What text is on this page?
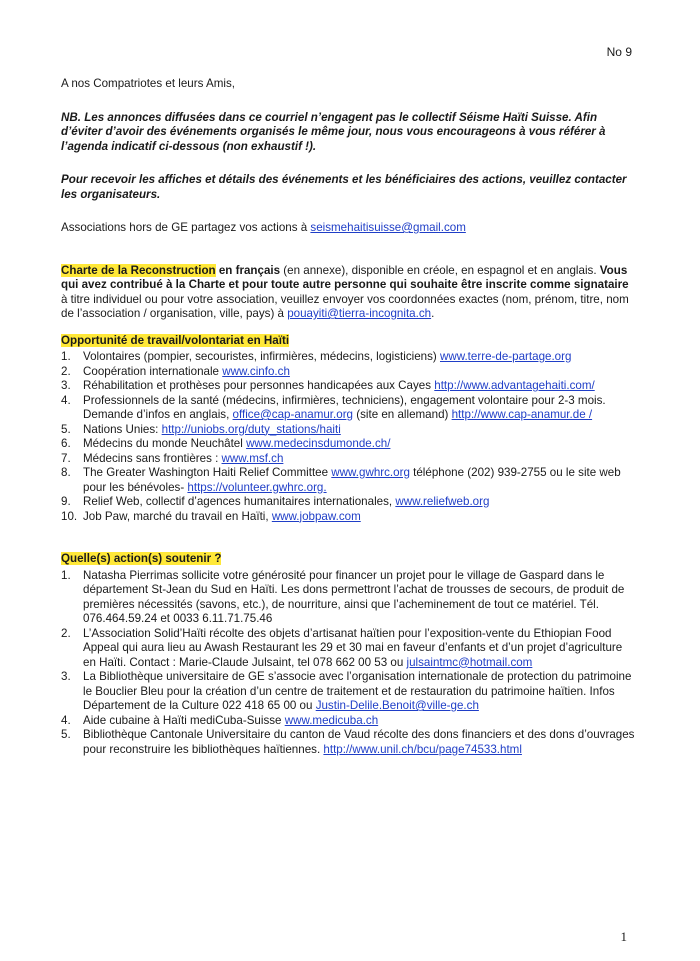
No 9

A nos Compatriotes et leurs Amis,

NB. Les annonces diffusées dans ce courriel n’engagent pas le collectif Séisme Haïti Suisse. Afin d’éviter d’avoir des événements organisés le même jour, nous vous encourageons à vous référer à l’agenda indicatif ci-dessous (non exhaustif !).

Pour recevoir les affiches et détails des événements et les bénéficiaires des actions, veuillez contacter les organisateurs.

Associations hors de GE partagez vos actions à seismehaitisuisse@gmail.com

Charte de la Reconstruction en français (en annexe), disponible en créole, en espagnol et en anglais. Vous qui avez contribué à la Charte et pour toute autre personne qui souhaite être inscrite comme signataire à titre individuel ou pour votre association, veuillez envoyer vos coordonnées exactes (nom, prénom, titre, nom de l’association / organisation, ville, pays) à pouayiti@tierra-incognita.ch.

Opportunité de travail/volontariat en Haïti

1. Volontaires (pompier, secouristes, infirmières, médecins, logisticiens) www.terre-de-partage.org
2. Coopération internationale www.cinfo.ch
3. Réhabilitation et prothèses pour personnes handicapées aux Cayes http://www.advantagehaiti.com/
4. Professionnels de la santé (médecins, infirmières, techniciens), engagement volontaire pour 2-3 mois. Demande d’infos en anglais, office@cap-anamur.org (site en allemand) http://www.cap-anamur.de /
5. Nations Unies: http://uniobs.org/duty_stations/haiti
6. Médecins du monde Neuchâtel www.medecinsdumonde.ch/
7. Médecins sans frontières : www.msf.ch
8. The Greater Washington Haiti Relief Committee www.gwhrc.org téléphone (202) 939-2755 ou le site web pour les bénévoles- https://volunteer.gwhrc.org.
9. Relief Web, collectif d’agences humanitaires internationales, www.reliefweb.org
10. Job Paw, marché du travail en Haïti, www.jobpaw.com

Quelle(s) action(s) soutenir ?

1. Natasha Pierrimas sollicite votre générosité pour financer un projet pour le village de Gaspard dans le département St-Jean du Sud en Haïti. Les dons permettront l’achat de trousses de secours, de produit de premières nécessités (savons, etc.), de nourriture, ainsi que l’acheminement de tout ce matériel. Tél. 076.464.59.24 et 0033 6.11.71.75.46
2. L’Association Solid’Haïti récolte des objets d’artisanat haïtien pour l’exposition-vente du Ethiopian Food Appeal qui aura lieu au Awash Restaurant les 29 et 30 mai en faveur d’enfants et d’un projet d’agriculture en Haïti. Contact : Marie-Claude Julsaint, tel 078 662 00 53 ou julsaintmc@hotmail.com
3. La Bibliothèque universitaire de GE s’associe avec l’organisation internationale de protection du patrimoine le Bouclier Bleu pour la création d’un centre de traitement et de restauration du patrimoine haïtien. Infos Département de la Culture 022 418 65 00 ou Justin-Delile.Benoit@ville-ge.ch
4. Aide cubaine à Haïti mediCuba-Suisse www.medicuba.ch
5. Bibliothèque Cantonale Universitaire du canton de Vaud récolte des dons financiers et des dons d’ouvrages pour reconstruire les bibliothèques haïtiennes. http://www.unil.ch/bcu/page74533.html
1
